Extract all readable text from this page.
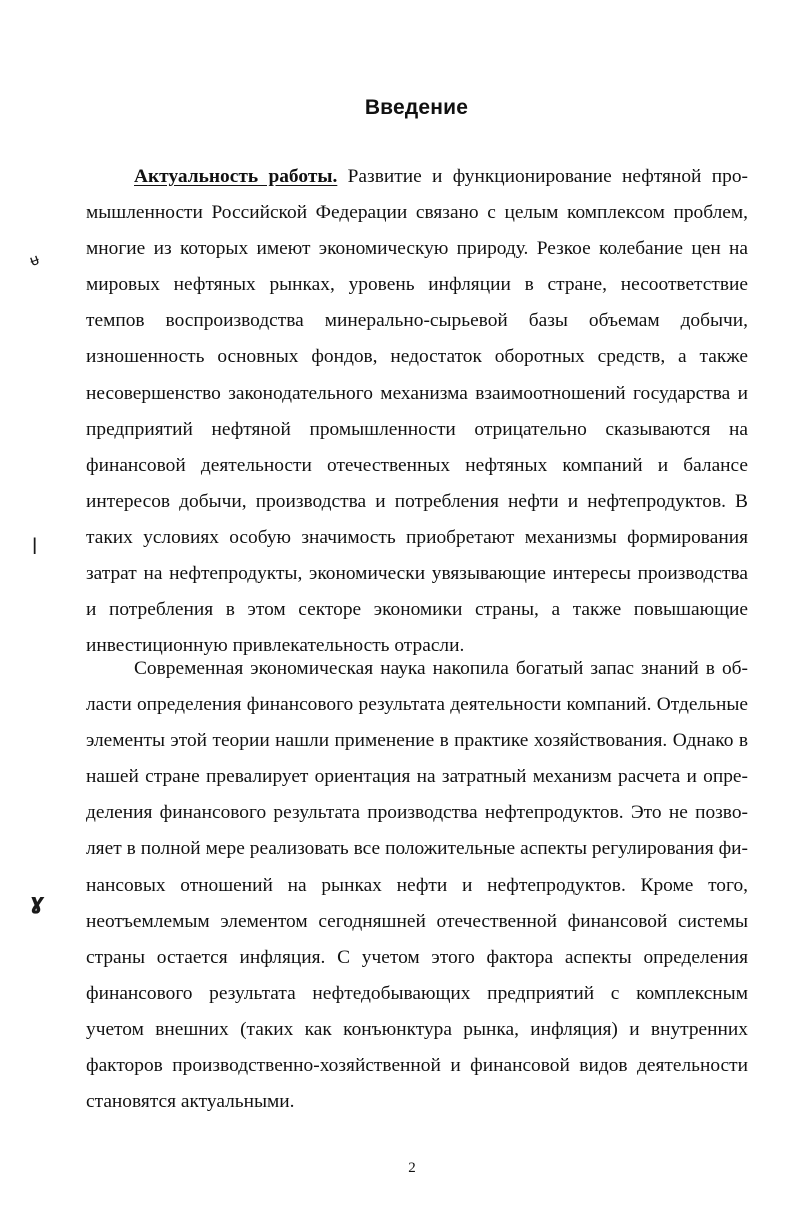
ᵾ
ꟾ
ɣ
Введение

Актуальность работы. Развитие и функционирование нефтяной промышленности Российской Федерации связано с целым комплексом проблем, многие из которых имеют экономическую природу. Резкое колебание цен на мировых нефтяных рынках, уровень инфляции в стране, несоответствие темпов воспроизводства минерально-сырьевой базы объемам добычи, изношенность основных фондов, недостаток оборотных средств, а также несовершенство законодательного механизма взаимоотношений государства и предприятий нефтяной промышленности отрицательно сказываются на финансовой деятельности отечественных нефтяных компаний и балансе интересов добычи, производства и потребления нефти и нефтепродуктов. В таких условиях особую значимость приобретают механизмы формирования затрат на нефтепродукты, экономически увязывающие интересы производства и потребления в этом секторе экономики страны, а также повышающие инвестиционную привлекательность отрасли.

Современная экономическая наука накопила богатый запас знаний в области определения финансового результата деятельности компаний. Отдельные элементы этой теории нашли применение в практике хозяйствования. Однако в нашей стране превалирует ориентация на затратный механизм расчета и определения финансового результата производства нефтепродуктов. Это не позволяет в полной мере реализовать все положительные аспекты регулирования финансовых отношений на рынках нефти и нефтепродуктов. Кроме того, неотъемлемым элементом сегодняшней отечественной финансовой системы страны остается инфляция. С учетом этого фактора аспекты определения финансового результата нефтедобывающих предприятий с комплексным учетом внешних (таких как конъюнктура рынка, инфляция) и внутренних факторов производственно-хозяйственной и финансовой видов деятельности становятся актуальными.

2
